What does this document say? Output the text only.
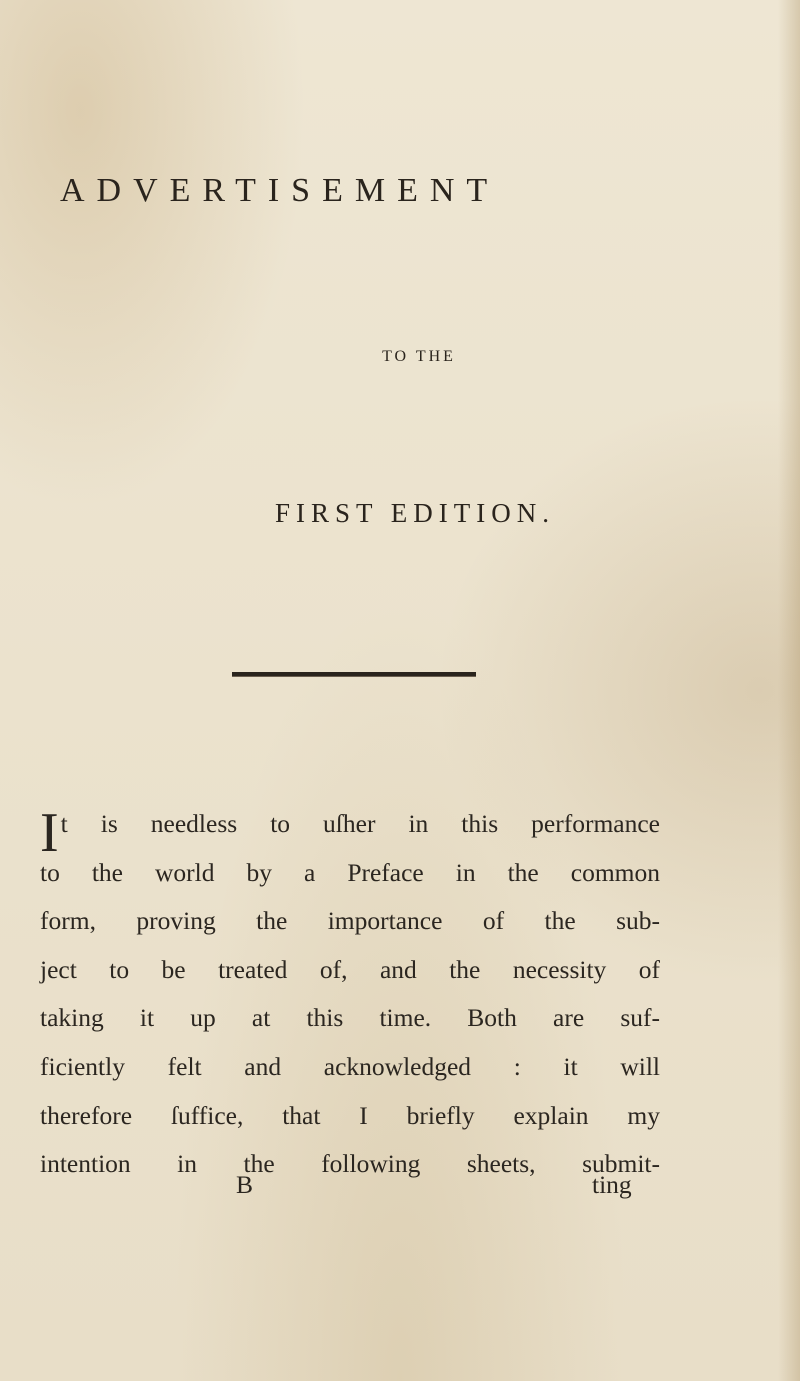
ADVERTISEMENT
TO THE
FIRST EDITION.
I t is needless to uſher in this performance
to the world by a Preface in the common
form, proving the importance of the sub-
ject to be treated of, and the necessity of
taking it up at this time. Both are suf-
ficiently felt and acknowledged : it will
therefore ſuffice, that I briefly explain my
intention in the following sheets, submit-
B	ting
